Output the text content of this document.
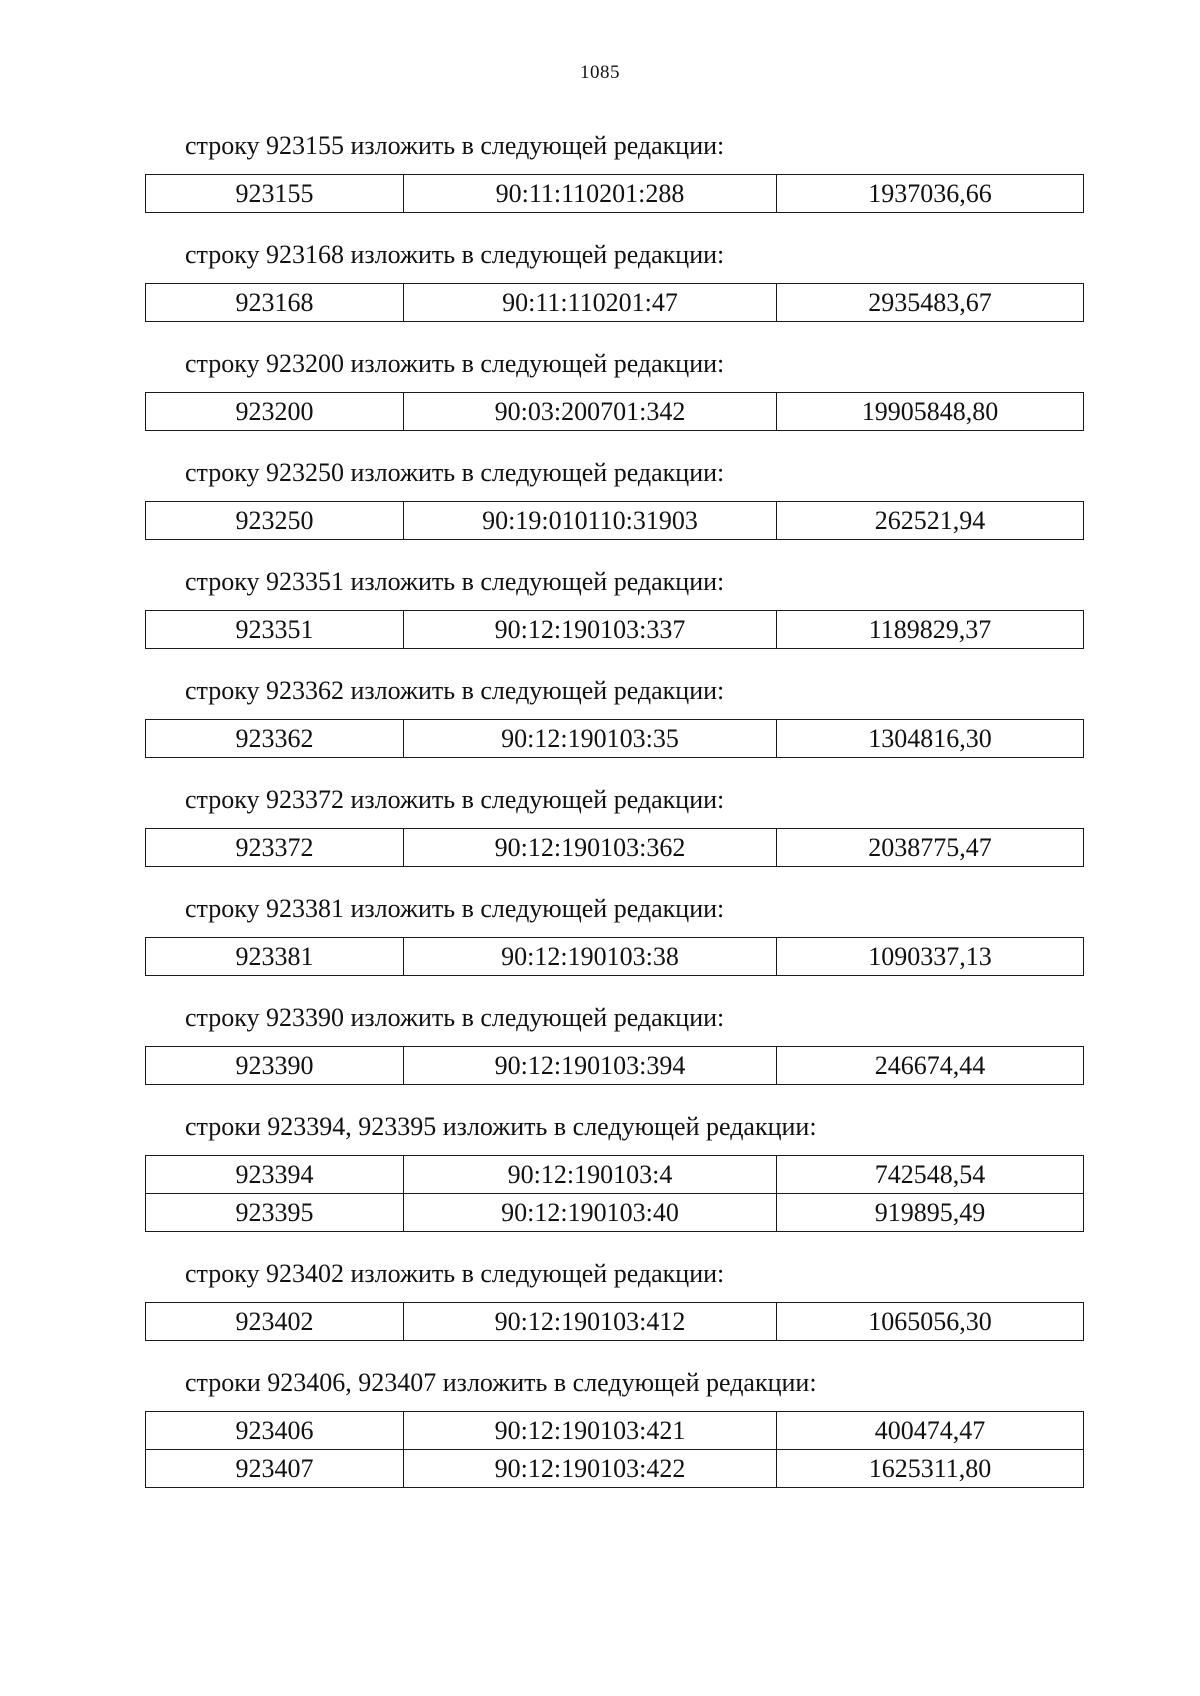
1085
строку 923155 изложить в следующей редакции:
923155	90:11:110201:288	1937036,66
строку 923168 изложить в следующей редакции:
923168	90:11:110201:47	2935483,67
строку 923200 изложить в следующей редакции:
923200	90:03:200701:342	19905848,80
строку 923250 изложить в следующей редакции:
923250	90:19:010110:31903	262521,94
строку 923351 изложить в следующей редакции:
923351	90:12:190103:337	1189829,37
строку 923362 изложить в следующей редакции:
923362	90:12:190103:35	1304816,30
строку 923372 изложить в следующей редакции:
923372	90:12:190103:362	2038775,47
строку 923381 изложить в следующей редакции:
923381	90:12:190103:38	1090337,13
строку 923390 изложить в следующей редакции:
923390	90:12:190103:394	246674,44
строки 923394, 923395 изложить в следующей редакции:
923394	90:12:190103:4	742548,54
923395	90:12:190103:40	919895,49
строку 923402 изложить в следующей редакции:
923402	90:12:190103:412	1065056,30
строки 923406, 923407 изложить в следующей редакции:
923406	90:12:190103:421	400474,47
923407	90:12:190103:422	1625311,80
